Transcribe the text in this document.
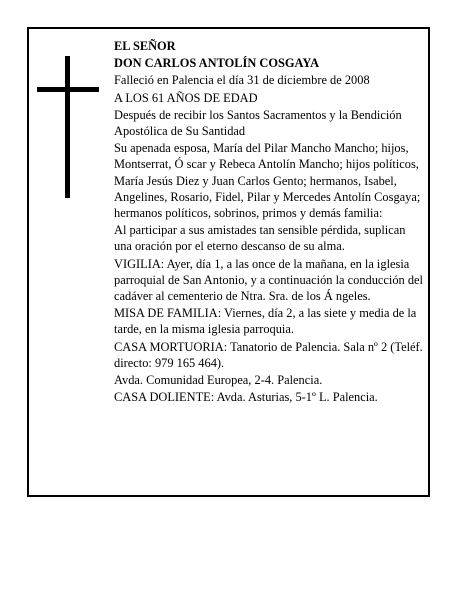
EL SEÑOR

DON CARLOS ANTOLÍN COSGAYA

Falleció en Palencia el día 31 de diciembre de 2008

A LOS 61 AÑOS DE EDAD

Después de recibir los Santos Sacramentos y la Bendición Apostólica de Su Santidad

Su apenada esposa, María del Pilar Mancho Mancho; hijos, Montserrat, Ó scar y Rebeca Antolín Mancho; hijos políticos, María Jesús Diez y Juan Carlos Gento; hermanos, Isabel, Angelines, Rosario, Fidel, Pilar y Mercedes Antolín Cosgaya; hermanos políticos, sobrinos, primos y demás familia:

Al participar a sus amistades tan sensible pérdida, suplican una oración por el eterno descanso de su alma.

VIGILIA: Ayer, día 1, a las once de la mañana, en la iglesia parroquial de San Antonio, y a continuación la conducción del cadáver al cementerio de Ntra. Sra. de los Á ngeles.

MISA DE FAMILIA: Viernes, día 2, a las siete y media de la tarde, en la misma iglesia parroquia.

CASA MORTUORIA: Tanatorio de Palencia. Sala nº 2 (Teléf. directo: 979 165 464).

Avda. Comunidad Europea, 2-4. Palencia.

CASA DOLIENTE: Avda. Asturias, 5-1º L. Palencia.
